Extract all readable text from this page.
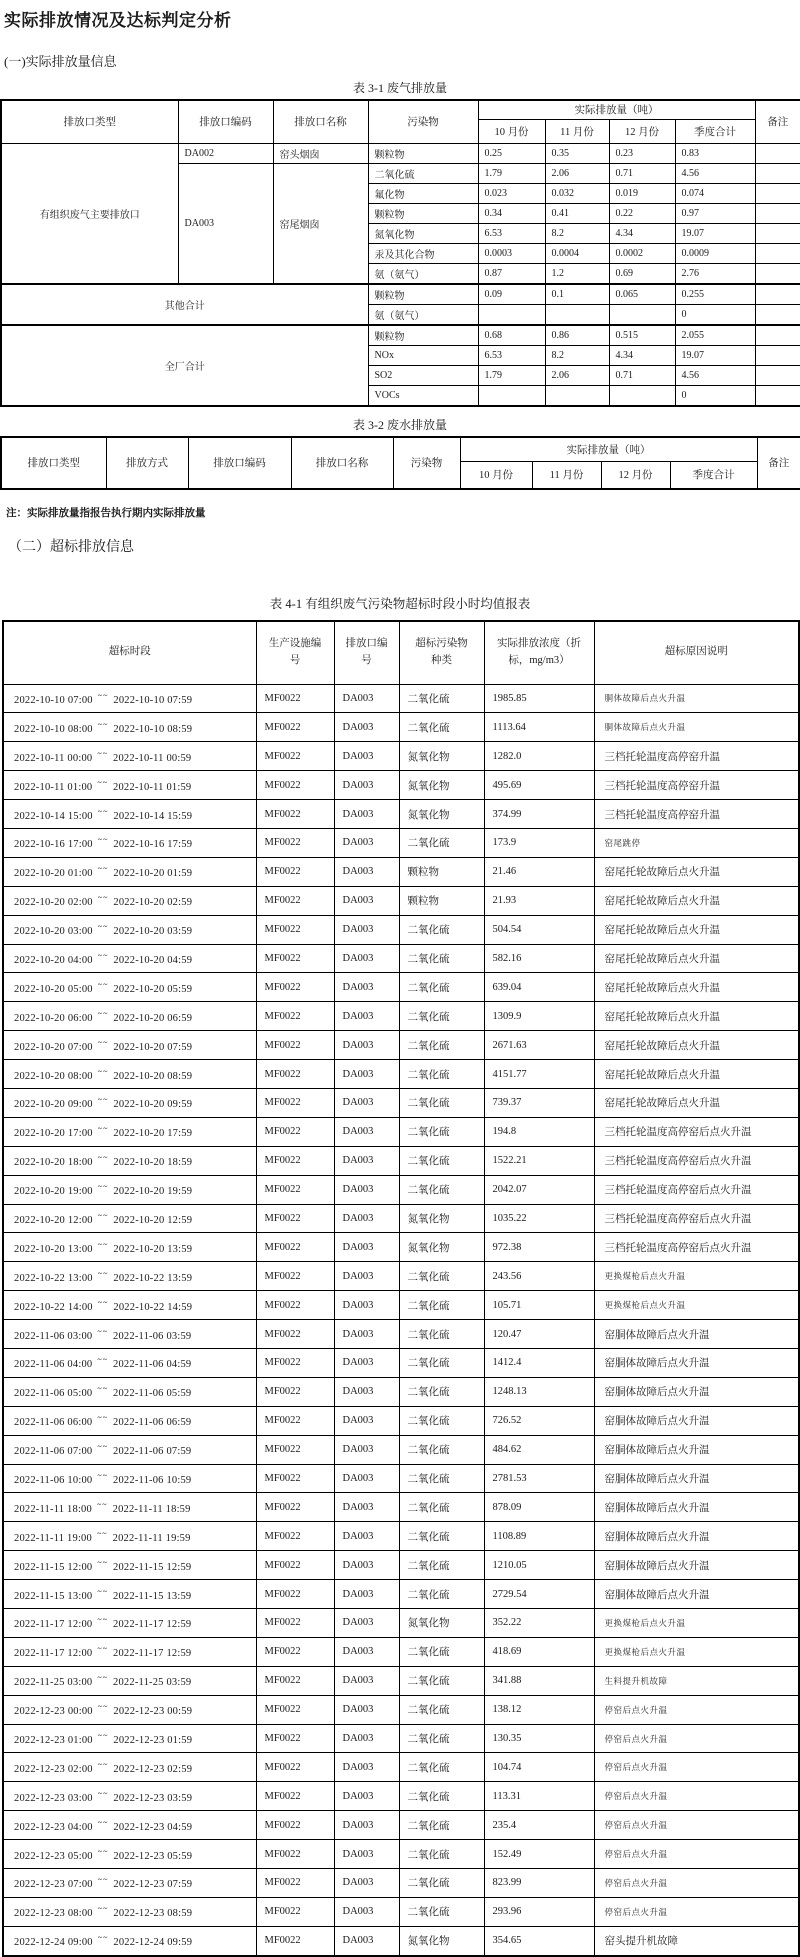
实际排放情况及达标判定分析
(一)实际排放量信息
表 3-1 废气排放量
排放口类型	排放口编码	排放口名称	污染物	实际排放量（吨）				备注
				10 月份	11 月份	12 月份	季度合计	
有组织废气主要排放口	DA002	窑头烟囱	颗粒物	0.25	0.35	0.23	0.83	
	DA003	窑尾烟囱	二氧化硫	1.79	2.06	0.71	4.56	
			氟化物	0.023	0.032	0.019	0.074	
			颗粒物	0.34	0.41	0.22	0.97	
			氮氧化物	6.53	8.2	4.34	19.07	
			汞及其化合物	0.0003	0.0004	0.0002	0.0009	
			氨（氨气）	0.87	1.2	0.69	2.76	
其他合计			颗粒物	0.09	0.1	0.065	0.255	
			氨（氨气）				0	
全厂合计			颗粒物	0.68	0.86	0.515	2.055	
			NOx	6.53	8.2	4.34	19.07	
			SO2	1.79	2.06	0.71	4.56	
			VOCs				0	
表 3-2 废水排放量
排放口类型	排放方式	排放口编码	排放口名称	污染物	实际排放量（吨）				备注
					10 月份	11 月份	12 月份	季度合计	
注：实际排放量指报告执行期内实际排放量
（二）超标排放信息
表 4-1 有组织废气污染物超标时段小时均值报表
超标时段	生产设施编号	排放口编号	超标污染物种类	实际排放浓度（折标，mg/m3）	超标原因说明
2022-10-10 07:00 ~~ 2022-10-10 07:59	MF0022	DA003	二氧化硫	1985.85	胴体故障后点火升温
2022-10-10 08:00 ~~ 2022-10-10 08:59	MF0022	DA003	二氧化硫	1113.64	胴体故障后点火升温
2022-10-11 00:00 ~~ 2022-10-11 00:59	MF0022	DA003	氮氧化物	1282.0	三档托轮温度高停窑升温
2022-10-11 01:00 ~~ 2022-10-11 01:59	MF0022	DA003	氮氧化物	495.69	三档托轮温度高停窑升温
2022-10-14 15:00 ~~ 2022-10-14 15:59	MF0022	DA003	氮氧化物	374.99	三档托轮温度高停窑升温
2022-10-16 17:00 ~~ 2022-10-16 17:59	MF0022	DA003	二氧化硫	173.9	窑尾跳停
2022-10-20 01:00 ~~ 2022-10-20 01:59	MF0022	DA003	颗粒物	21.46	窑尾托轮故障后点火升温
2022-10-20 02:00 ~~ 2022-10-20 02:59	MF0022	DA003	颗粒物	21.93	窑尾托轮故障后点火升温
2022-10-20 03:00 ~~ 2022-10-20 03:59	MF0022	DA003	二氧化硫	504.54	窑尾托轮故障后点火升温
2022-10-20 04:00 ~~ 2022-10-20 04:59	MF0022	DA003	二氧化硫	582.16	窑尾托轮故障后点火升温
2022-10-20 05:00 ~~ 2022-10-20 05:59	MF0022	DA003	二氧化硫	639.04	窑尾托轮故障后点火升温
2022-10-20 06:00 ~~ 2022-10-20 06:59	MF0022	DA003	二氧化硫	1309.9	窑尾托轮故障后点火升温
2022-10-20 07:00 ~~ 2022-10-20 07:59	MF0022	DA003	二氧化硫	2671.63	窑尾托轮故障后点火升温
2022-10-20 08:00 ~~ 2022-10-20 08:59	MF0022	DA003	二氧化硫	4151.77	窑尾托轮故障后点火升温
2022-10-20 09:00 ~~ 2022-10-20 09:59	MF0022	DA003	二氧化硫	739.37	窑尾托轮故障后点火升温
2022-10-20 17:00 ~~ 2022-10-20 17:59	MF0022	DA003	二氧化硫	194.8	三档托轮温度高停窑后点火升温
2022-10-20 18:00 ~~ 2022-10-20 18:59	MF0022	DA003	二氧化硫	1522.21	三档托轮温度高停窑后点火升温
2022-10-20 19:00 ~~ 2022-10-20 19:59	MF0022	DA003	二氧化硫	2042.07	三档托轮温度高停窑后点火升温
2022-10-20 12:00 ~~ 2022-10-20 12:59	MF0022	DA003	氮氧化物	1035.22	三档托轮温度高停窑后点火升温
2022-10-20 13:00 ~~ 2022-10-20 13:59	MF0022	DA003	氮氧化物	972.38	三档托轮温度高停窑后点火升温
2022-10-22 13:00 ~~ 2022-10-22 13:59	MF0022	DA003	二氧化硫	243.56	更换煤枪后点火升温
2022-10-22 14:00 ~~ 2022-10-22 14:59	MF0022	DA003	二氧化硫	105.71	更换煤枪后点火升温
2022-11-06 03:00 ~~ 2022-11-06 03:59	MF0022	DA003	二氧化硫	120.47	窑胴体故障后点火升温
2022-11-06 04:00 ~~ 2022-11-06 04:59	MF0022	DA003	二氧化硫	1412.4	窑胴体故障后点火升温
2022-11-06 05:00 ~~ 2022-11-06 05:59	MF0022	DA003	二氧化硫	1248.13	窑胴体故障后点火升温
2022-11-06 06:00 ~~ 2022-11-06 06:59	MF0022	DA003	二氧化硫	726.52	窑胴体故障后点火升温
2022-11-06 07:00 ~~ 2022-11-06 07:59	MF0022	DA003	二氧化硫	484.62	窑胴体故障后点火升温
2022-11-06 10:00 ~~ 2022-11-06 10:59	MF0022	DA003	二氧化硫	2781.53	窑胴体故障后点火升温
2022-11-11 18:00 ~~ 2022-11-11 18:59	MF0022	DA003	二氧化硫	878.09	窑胴体故障后点火升温
2022-11-11 19:00 ~~ 2022-11-11 19:59	MF0022	DA003	二氧化硫	1108.89	窑胴体故障后点火升温
2022-11-15 12:00 ~~ 2022-11-15 12:59	MF0022	DA003	二氧化硫	1210.05	窑胴体故障后点火升温
2022-11-15 13:00 ~~ 2022-11-15 13:59	MF0022	DA003	二氧化硫	2729.54	窑胴体故障后点火升温
2022-11-17 12:00 ~~ 2022-11-17 12:59	MF0022	DA003	氮氧化物	352.22	更换煤枪后点火升温
2022-11-17 12:00 ~~ 2022-11-17 12:59	MF0022	DA003	二氧化硫	418.69	更换煤枪后点火升温
2022-11-25 03:00 ~~ 2022-11-25 03:59	MF0022	DA003	二氧化硫	341.88	生料提升机故障
2022-12-23 00:00 ~~ 2022-12-23 00:59	MF0022	DA003	二氧化硫	138.12	停窑后点火升温
2022-12-23 01:00 ~~ 2022-12-23 01:59	MF0022	DA003	二氧化硫	130.35	停窑后点火升温
2022-12-23 02:00 ~~ 2022-12-23 02:59	MF0022	DA003	二氧化硫	104.74	停窑后点火升温
2022-12-23 03:00 ~~ 2022-12-23 03:59	MF0022	DA003	二氧化硫	113.31	停窑后点火升温
2022-12-23 04:00 ~~ 2022-12-23 04:59	MF0022	DA003	二氧化硫	235.4	停窑后点火升温
2022-12-23 05:00 ~~ 2022-12-23 05:59	MF0022	DA003	二氧化硫	152.49	停窑后点火升温
2022-12-23 07:00 ~~ 2022-12-23 07:59	MF0022	DA003	二氧化硫	823.99	停窑后点火升温
2022-12-23 08:00 ~~ 2022-12-23 08:59	MF0022	DA003	二氧化硫	293.96	停窑后点火升温
2022-12-24 09:00 ~~ 2022-12-24 09:59	MF0022	DA003	氮氧化物	354.65	窑头提升机故障
